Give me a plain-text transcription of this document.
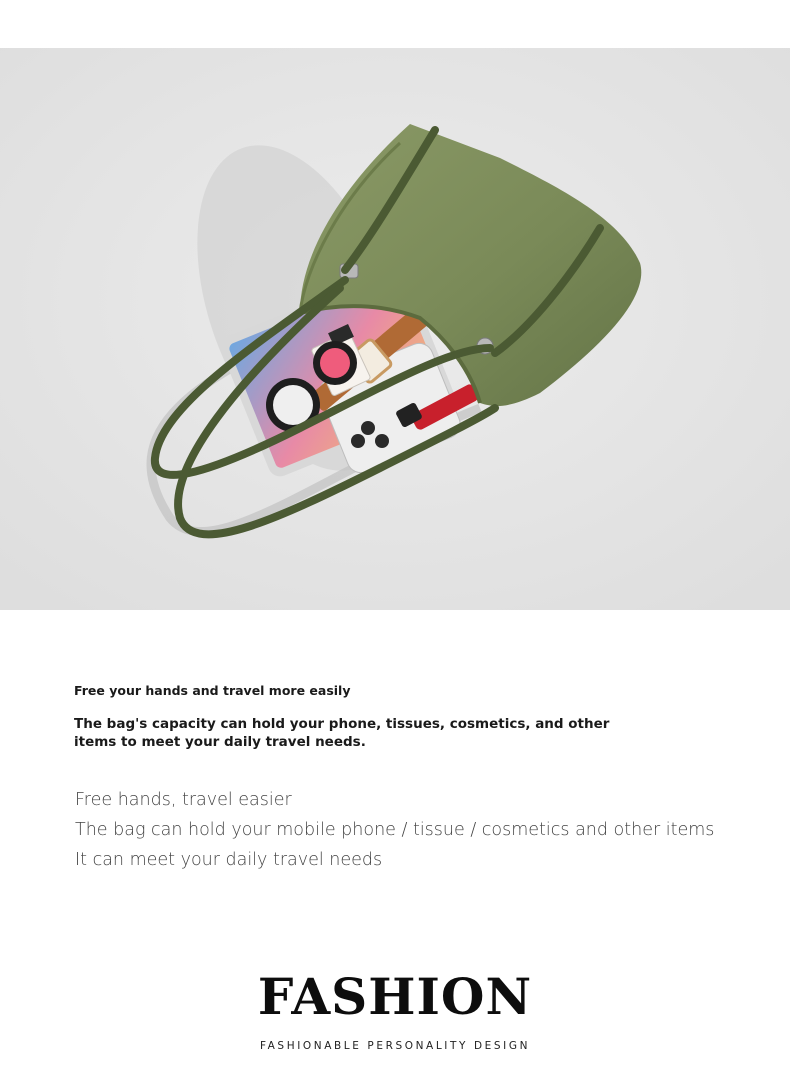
Free your hands and travel more easily
The bag's capacity can hold your phone, tissues, cosmetics, and other items to meet your daily travel needs.
Free hands, travel easier
The bag can hold your mobile phone / tissue / cosmetics and other items
It can meet your daily travel needs
FASHION
FASHIONABLE PERSONALITY DESIGN
